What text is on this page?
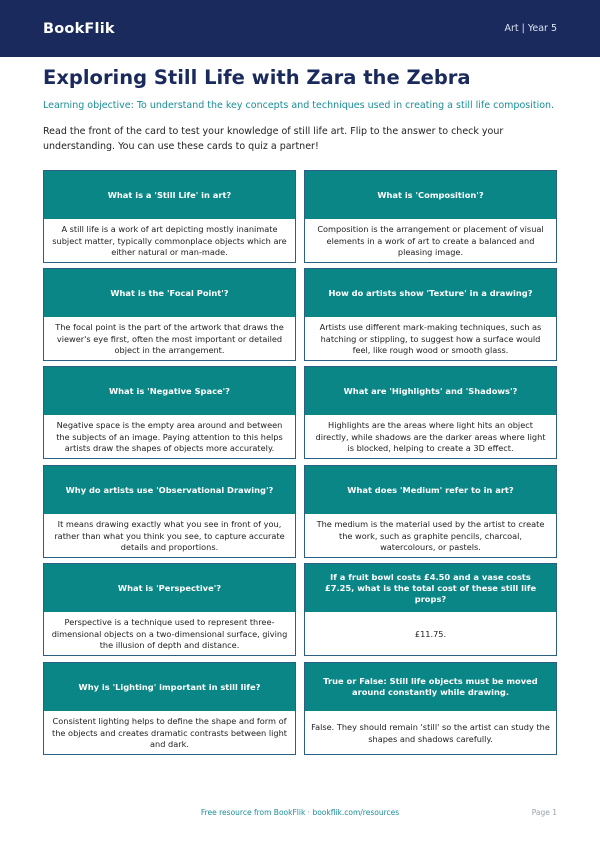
BookFlik	Art | Year 5
Exploring Still Life with Zara the Zebra
Learning objective: To understand the key concepts and techniques used in creating a still life composition.
Read the front of the card to test your knowledge of still life art. Flip to the answer to check your understanding. You can use these cards to quiz a partner!
What is a 'Still Life' in art?
A still life is a work of art depicting mostly inanimate subject matter, typically commonplace objects which are either natural or man-made.
What is 'Composition'?
Composition is the arrangement or placement of visual elements in a work of art to create a balanced and pleasing image.
What is the 'Focal Point'?
The focal point is the part of the artwork that draws the viewer's eye first, often the most important or detailed object in the arrangement.
How do artists show 'Texture' in a drawing?
Artists use different mark-making techniques, such as hatching or stippling, to suggest how a surface would feel, like rough wood or smooth glass.
What is 'Negative Space'?
Negative space is the empty area around and between the subjects of an image. Paying attention to this helps artists draw the shapes of objects more accurately.
What are 'Highlights' and 'Shadows'?
Highlights are the areas where light hits an object directly, while shadows are the darker areas where light is blocked, helping to create a 3D effect.
Why do artists use 'Observational Drawing'?
It means drawing exactly what you see in front of you, rather than what you think you see, to capture accurate details and proportions.
What does 'Medium' refer to in art?
The medium is the material used by the artist to create the work, such as graphite pencils, charcoal, watercolours, or pastels.
What is 'Perspective'?
Perspective is a technique used to represent three-dimensional objects on a two-dimensional surface, giving the illusion of depth and distance.
If a fruit bowl costs £4.50 and a vase costs £7.25, what is the total cost of these still life props?
£11.75.
Why is 'Lighting' important in still life?
Consistent lighting helps to define the shape and form of the objects and creates dramatic contrasts between light and dark.
True or False: Still life objects must be moved around constantly while drawing.
False. They should remain 'still' so the artist can study the shapes and shadows carefully.
Free resource from BookFlik · bookflik.com/resources	Page 1
